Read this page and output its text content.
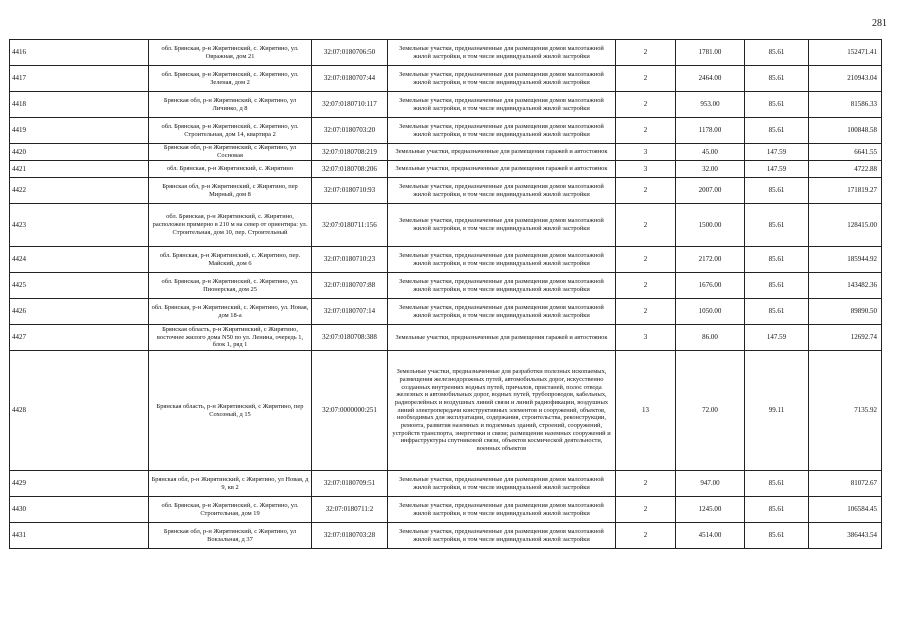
281
4416	обл. Брянская, р-н Жирятинский, с. Жирятино, ул. Овражная, дом 21	32:07:0180706:50	Земельные участки, предназначенные для размещения домов малоэтажной жилой застройки, в том числе индивидуальной жилой застройки	2	1781.00	85.61	152471.41
4417	обл. Брянская, р-н Жирятинский, с. Жирятино, ул. Зеленая, дом 2	32:07:0180707:44	Земельные участки, предназначенные для размещения домов малоэтажной жилой застройки, в том числе индивидуальной жилой застройки	2	2464.00	85.61	210943.04
4418	Брянская обл, р-н Жирятинский, с Жирятино, ул Личинко, д 8	32:07:0180710:117	Земельные участки, предназначенные для размещения домов малоэтажной жилой застройки, в том числе индивидуальной жилой застройки	2	953.00	85.61	81586.33
4419	обл. Брянская, р-н Жирятинский, с. Жирятино, ул. Строительная, дом 14, квартира 2	32:07:0180703:20	Земельные участки, предназначенные для размещения домов малоэтажной жилой застройки, в том числе индивидуальной жилой застройки	2	1178.00	85.61	100848.58
4420	Брянская обл, р-н Жирятинский, с Жирятино, ул Сосновая	32:07:0180708:219	Земельные участки, предназначенные для размещения гаражей и автостоянок	3	45.00	147.59	6641.55
4421	обл. Брянская, р-н Жирятинский, с. Жирятино	32:07:0180708:206	Земельные участки, предназначенные для размещения гаражей и автостоянок	3	32.00	147.59	4722.88
4422	Брянская обл, р-н Жирятинский, с Жирятино, пер Мирный, дом 8	32:07:0180710:93	Земельные участки, предназначенные для размещения домов малоэтажной жилой застройки, в том числе индивидуальной жилой застройки	2	2007.00	85.61	171819.27
4423	обл. Брянская, р-н Жирятинский, с. Жирятино, расположен примерно в 210 м на север от ориентира: ул. Строительная, дом 10, пер. Строительный	32:07:0180711:156	Земельные участки, предназначенные для размещения домов малоэтажной жилой застройки, в том числе индивидуальной жилой застройки	2	1500.00	85.61	128415.00
4424	обл. Брянская, р-н Жирятинский, с. Жирятино, пер. Майский, дом 6	32:07:0180710:23	Земельные участки, предназначенные для размещения домов малоэтажной жилой застройки, в том числе индивидуальной жилой застройки	2	2172.00	85.61	185944.92
4425	обл. Брянская, р-н Жирятинский, с. Жирятино, ул. Пионерская, дом 25	32:07:0180707:88	Земельные участки, предназначенные для размещения домов малоэтажной жилой застройки, в том числе индивидуальной жилой застройки	2	1676.00	85.61	143482.36
4426	обл. Брянская, р-н Жирятинский, с. Жирятино, ул. Новая, дом 18-а	32:07:0180707:14	Земельные участки, предназначенные для размещения домов малоэтажной жилой застройки, в том числе индивидуальной жилой застройки	2	1050.00	85.61	89890.50
4427	Брянская область, р-н Жирятинский, с Жирятино, восточнее жилого дома N50 по ул. Ленина, очередь 1, блок 1, ряд 1	32:07:0180708:388	Земельные участки, предназначенные для размещения гаражей и автостоянок	3	86.00	147.59	12692.74
4428	Брянская область, р-н Жирятинский, с Жирятино, пер Сохозный, д 15	32:07:0000000:251	Земельные участки, предназначенные для разработки полезных ископаемых, размещения железнодорожных путей, автомобильных дорог, искусственно созданных внутренних водных путей, причалов, пристаней, полос отвода железных и автомобильных дорог, водных путей, трубопроводов, кабельных, радиорелейных и воздушных линий связи и линий радиофикации, воздушных линий электропередачи конструктивных элементов и сооружений, объектов, необходимых для эксплуатации, содержания, строительства, реконструкции, ремонта, развития наземных и подземных зданий, строений, сооружений, устройств транспорта, энергетики и связи; размещения наземных сооружений и инфраструктуры спутниковой связи, объектов космической деятельности, военных объектов	13	72.00	99.11	7135.92
4429	Брянская обл, р-н Жирятинский, с Жирятино, ул Новая, д 9, кв 2	32:07:0180709:51	Земельные участки, предназначенные для размещения домов малоэтажной жилой застройки, в том числе индивидуальной жилой застройки	2	947.00	85.61	81072.67
4430	обл. Брянская, р-н Жирятинский, с. Жирятино, ул. Строительная, дом 19	32:07:0180711:2	Земельные участки, предназначенные для размещения домов малоэтажной жилой застройки, в том числе индивидуальной жилой застройки	2	1245.00	85.61	106584.45
4431	Брянская обл, р-н Жирятинский, с Жирятино, ул Вокзальная, д 37	32:07:0180703:28	Земельные участки, предназначенные для размещения домов малоэтажной жилой застройки, в том числе индивидуальной жилой застройки	2	4514.00	85.61	386443.54
